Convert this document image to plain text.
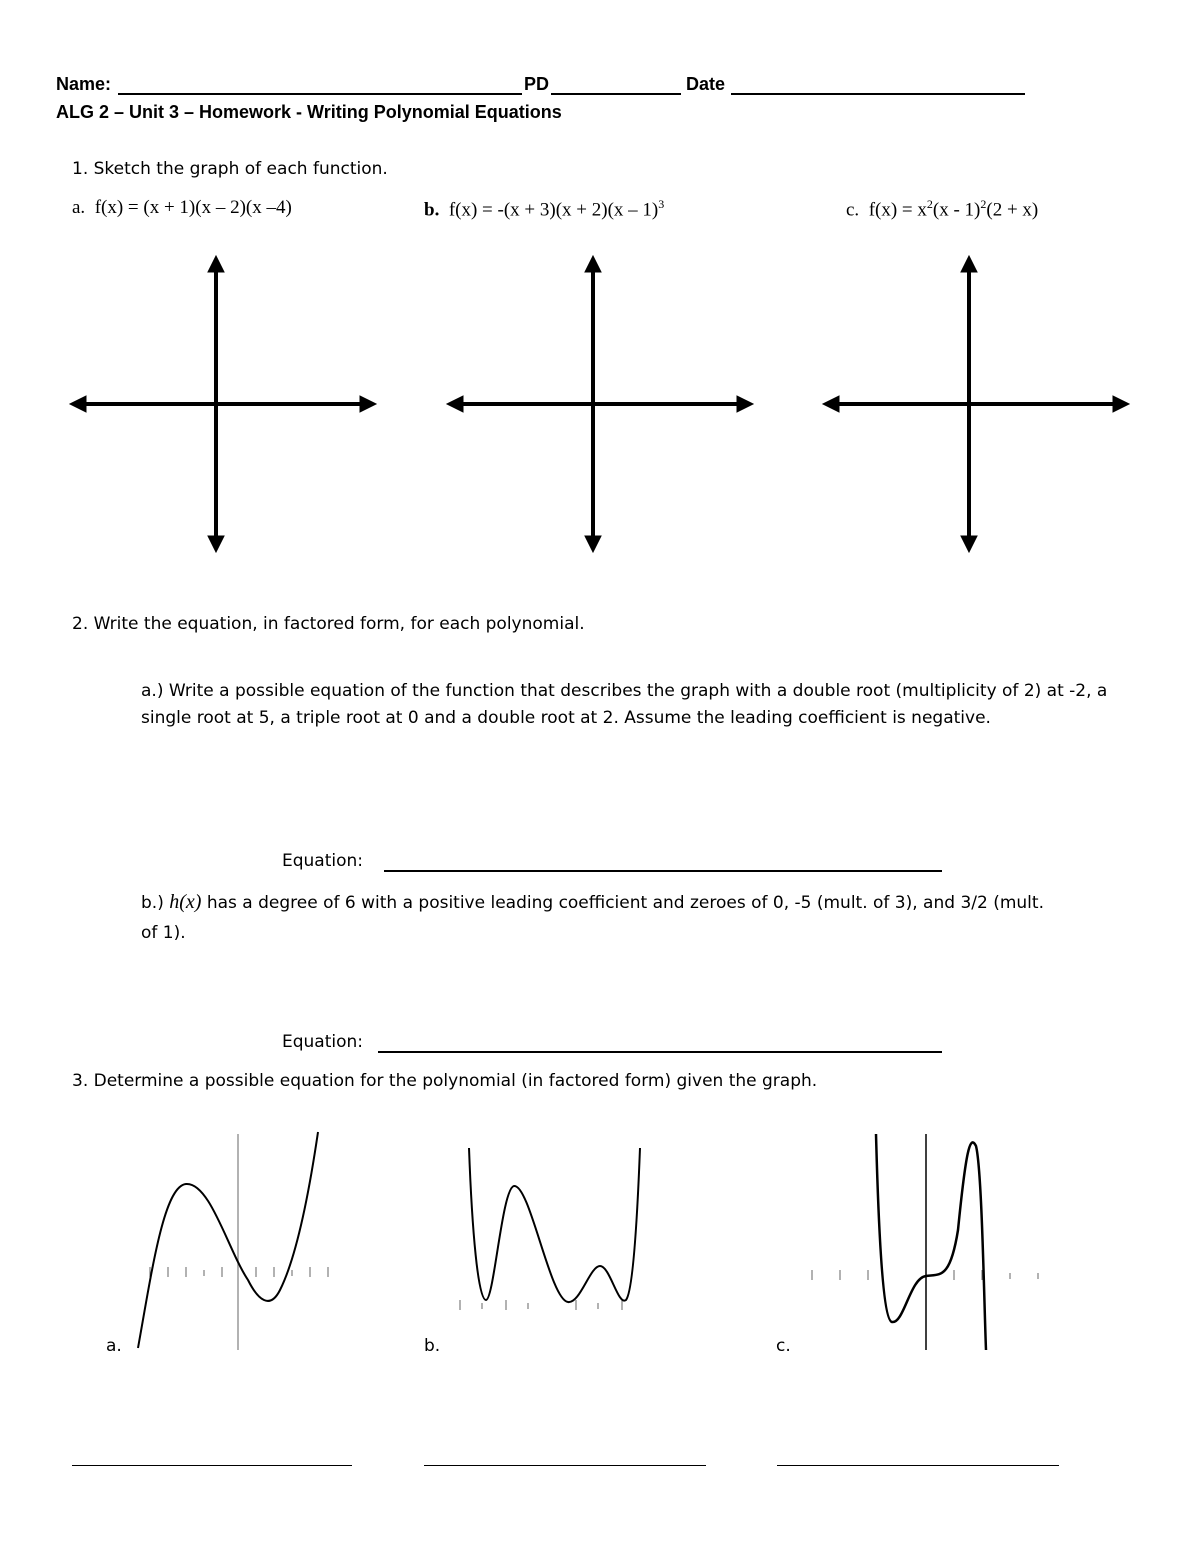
Name:	PD	Date
ALG 2 – Unit 3 – Homework - Writing Polynomial Equations
1. Sketch the graph of each function.
a. f(x) = (x + 1)(x – 2)(x –4)	b. f(x) = -(x + 3)(x + 2)(x – 1)$^3$	c. $f(x) = x^2(x - 1)^2(2 + x)$
2. Write the equation, in factored form, for each polynomial.
a.) Write a possible equation of the function that describes the graph with a double root (multiplicity of 2) at -2, a single root at 5, a triple root at 0 and a double root at 2. Assume the leading coefficient is negative.
Equation:
b.) h(x) has a degree of 6 with a positive leading coefficient and zeroes of 0, -5 (mult. of 3), and 3/2 (mult.
of 1).
Equation:
3. Determine a possible equation for the polynomial (in factored form) given the graph.
a.	b.	c.
